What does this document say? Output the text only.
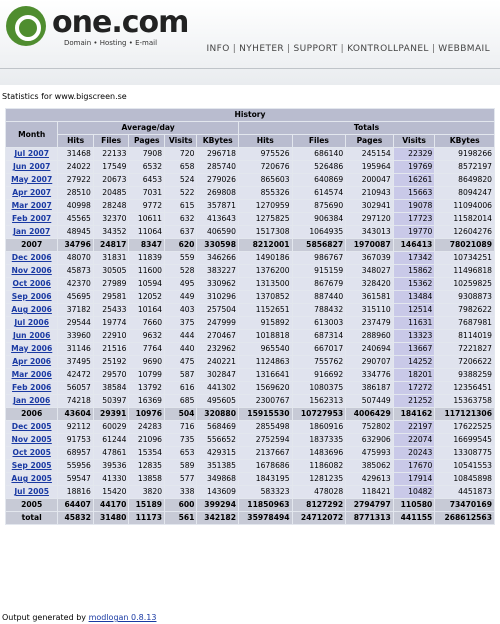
one.com
Domain • Hosting • E-mail
INFO | NYHETER | SUPPORT | KONTROLLPANEL | WEBBMAIL
Statistics for www.bigscreen.se
History										
Month	Average/day					Totals				
	Hits	Files	Pages	Visits	KBytes	Hits	Files	Pages	Visits	KBytes
Jul 2007	31468	22133	7908	720	296718	975526	686140	245154	22329	9198266
Jun 2007	24022	17549	6532	658	285740	720676	526486	195964	19769	8572197
May 2007	27922	20673	6453	524	279026	865603	640869	200047	16261	8649820
Apr 2007	28510	20485	7031	522	269808	855326	614574	210943	15663	8094247
Mar 2007	40998	28248	9772	615	357871	1270959	875690	302941	19078	11094006
Feb 2007	45565	32370	10611	632	413643	1275825	906384	297120	17723	11582014
Jan 2007	48945	34352	11064	637	406590	1517308	1064935	343013	19770	12604276
2007	34796	24817	8347	620	330598	8212001	5856827	1970087	146413	78021089
Dec 2006	48070	31831	11839	559	346266	1490186	986767	367039	17342	10734251
Nov 2006	45873	30505	11600	528	383227	1376200	915159	348027	15862	11496818
Oct 2006	42370	27989	10594	495	330962	1313500	867679	328420	15362	10259825
Sep 2006	45695	29581	12052	449	310296	1370852	887440	361581	13484	9308873
Aug 2006	37182	25433	10164	403	257504	1152651	788432	315110	12514	7982622
Jul 2006	29544	19774	7660	375	247999	915892	613003	237479	11631	7687981
Jun 2006	33960	22910	9632	444	270467	1018818	687314	288960	13323	8114019
May 2006	31146	21516	7764	440	232962	965540	667017	240694	13667	7221827
Apr 2006	37495	25192	9690	475	240221	1124863	755762	290707	14252	7206622
Mar 2006	42472	29570	10799	587	302847	1316641	916692	334776	18201	9388259
Feb 2006	56057	38584	13792	616	441302	1569620	1080375	386187	17272	12356451
Jan 2006	74218	50397	16369	685	495605	2300767	1562313	507449	21252	15363758
2006	43604	29391	10976	504	320880	15915530	10727953	4006429	184162	117121306
Dec 2005	92112	60029	24283	716	568469	2855498	1860916	752802	22197	17622525
Nov 2005	91753	61244	21096	735	556652	2752594	1837335	632906	22074	16699545
Oct 2005	68957	47861	15354	653	429315	2137667	1483696	475993	20243	13308775
Sep 2005	55956	39536	12835	589	351385	1678686	1186082	385062	17670	10541553
Aug 2005	59547	41330	13858	577	349868	1843195	1281235	429613	17914	10845898
Jul 2005	18816	15420	3820	338	143609	583323	478028	118421	10482	4451873
2005	64407	44170	15189	600	399294	11850963	8127292	2794797	110580	73470169
total	45832	31480	11173	561	342182	35978494	24712072	8771313	441155	268612563
Output generated by modlogan 0.8.13
